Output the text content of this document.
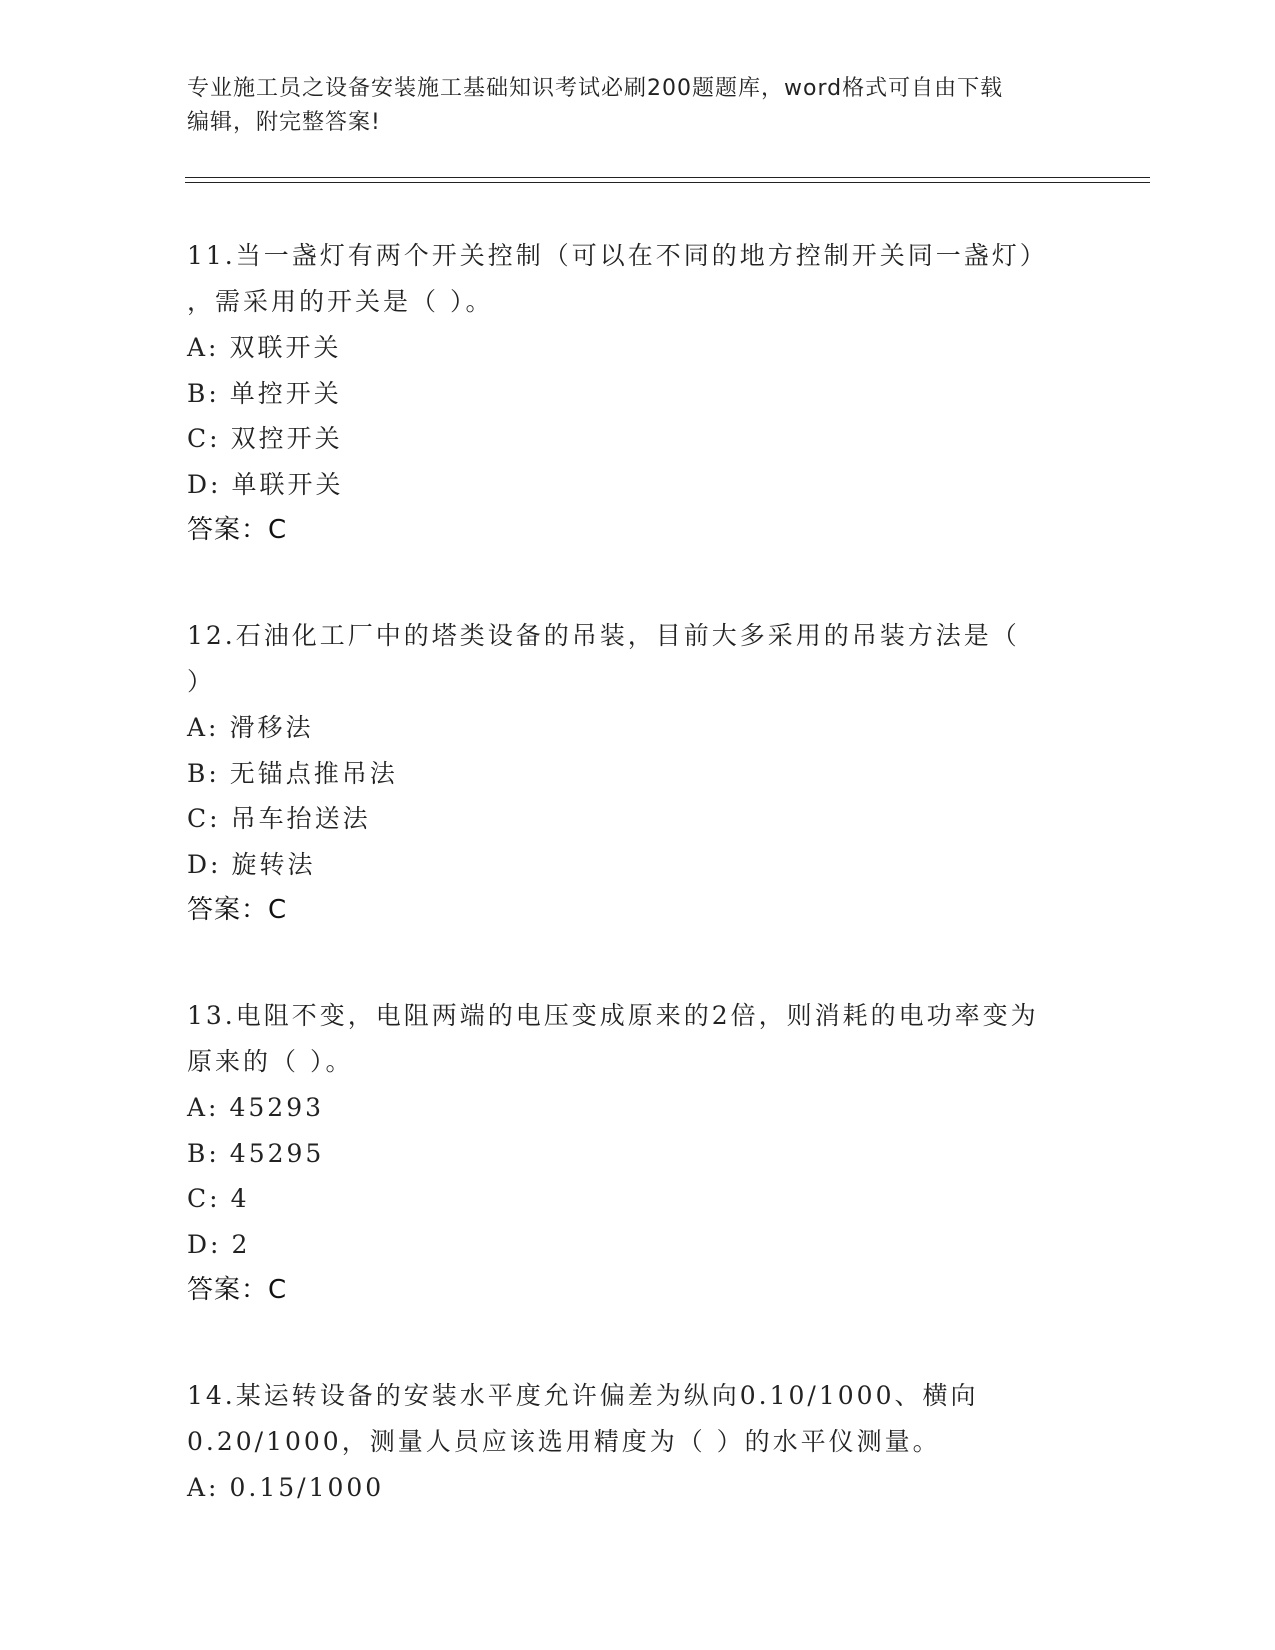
专业施工员之设备安装施工基础知识考试必刷200题题库，word格式可自由下载
编辑，附完整答案!
11.当一盏灯有两个开关控制（可以在不同的地方控制开关同一盏灯）
，需采用的开关是（ ）。
A: 双联开关
B: 单控开关
C: 双控开关
D: 单联开关
答案：C
12.石油化工厂中的塔类设备的吊装，目前大多采用的吊装方法是（
）
A: 滑移法
B: 无锚点推吊法
C: 吊车抬送法
D: 旋转法
答案：C
13.电阻不变，电阻两端的电压变成原来的2倍，则消耗的电功率变为
原来的（ ）。
A: 45293
B: 45295
C: 4
D: 2
答案：C
14.某运转设备的安装水平度允许偏差为纵向0.10/1000、横向
0.20/1000，测量人员应该选用精度为（ ）的水平仪测量。
A: 0.15/1000
